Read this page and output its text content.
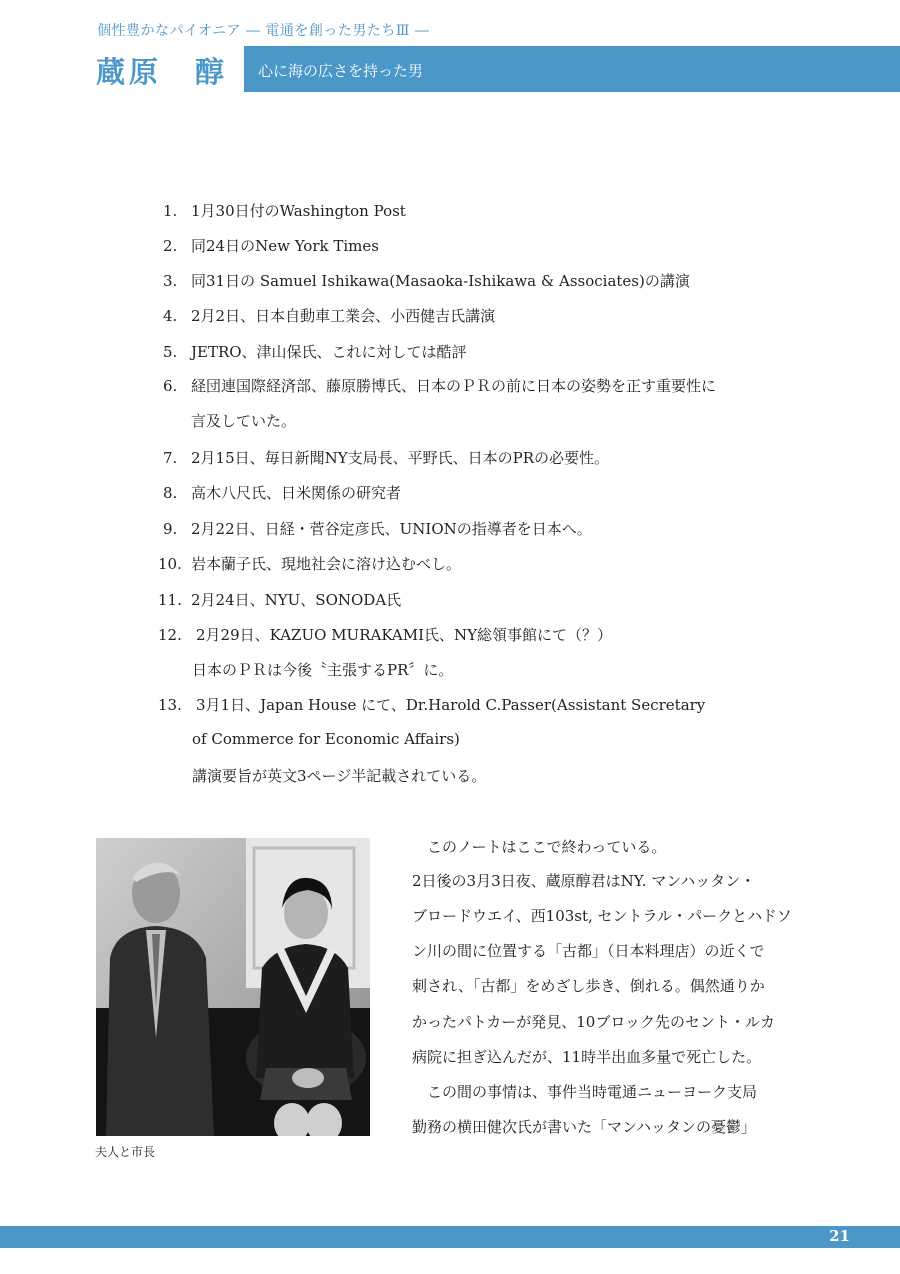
個性豊かなパイオニア ― 電通を創った男たちⅢ ―
蔵原　醇 心に海の広さを持った男
1. 1月30日付のWashington Post
2. 同24日のNew York Times
3. 同31日の Samuel Ishikawa(Masaoka-Ishikawa & Associates)の講演
4. 2月2日、日本自動車工業会、小西健吉氏講演
5. JETRO、津山保氏、これに対しては酷評
6. 経団連国際経済部、藤原勝博氏、日本のＰＲの前に日本の姿勢を正す重要性に
言及していた。
7. 2月15日、毎日新聞NY支局長、平野氏、日本のPRの必要性。
8. 高木八尺氏、日米関係の研究者
9. 2月22日、日経・菅谷定彦氏、UNIONの指導者を日本へ。
10. 岩本蘭子氏、現地社会に溶け込むべし。
11. 2月24日、NYU、SONODA氏
12. 2月29日、KAZUO MURAKAMI氏、NY総領事館にて（？）
日本のＰＲは今後〝主張するPR〞に。
13. 3月1日、Japan House にて、Dr.Harold C.Passer(Assistant Secretary
of Commerce for Economic Affairs)
講演要旨が英文3ページ半記載されている。
夫人と市長
　このノートはここで終わっている。
2日後の3月3日夜、蔵原醇君はNY. マンハッタン・
ブロードウエイ、西103st, セントラル・パークとハドソ
ン川の間に位置する「古都」（日本料理店）の近くで
刺され、「古都」をめざし歩き、倒れる。偶然通りか
かったパトカーが発見、10ブロック先のセント・ルカ
病院に担ぎ込んだが、11時半出血多量で死亡した。
　この間の事情は、事件当時電通ニューヨーク支局
勤務の横田健次氏が書いた「マンハッタンの憂鬱」
21
